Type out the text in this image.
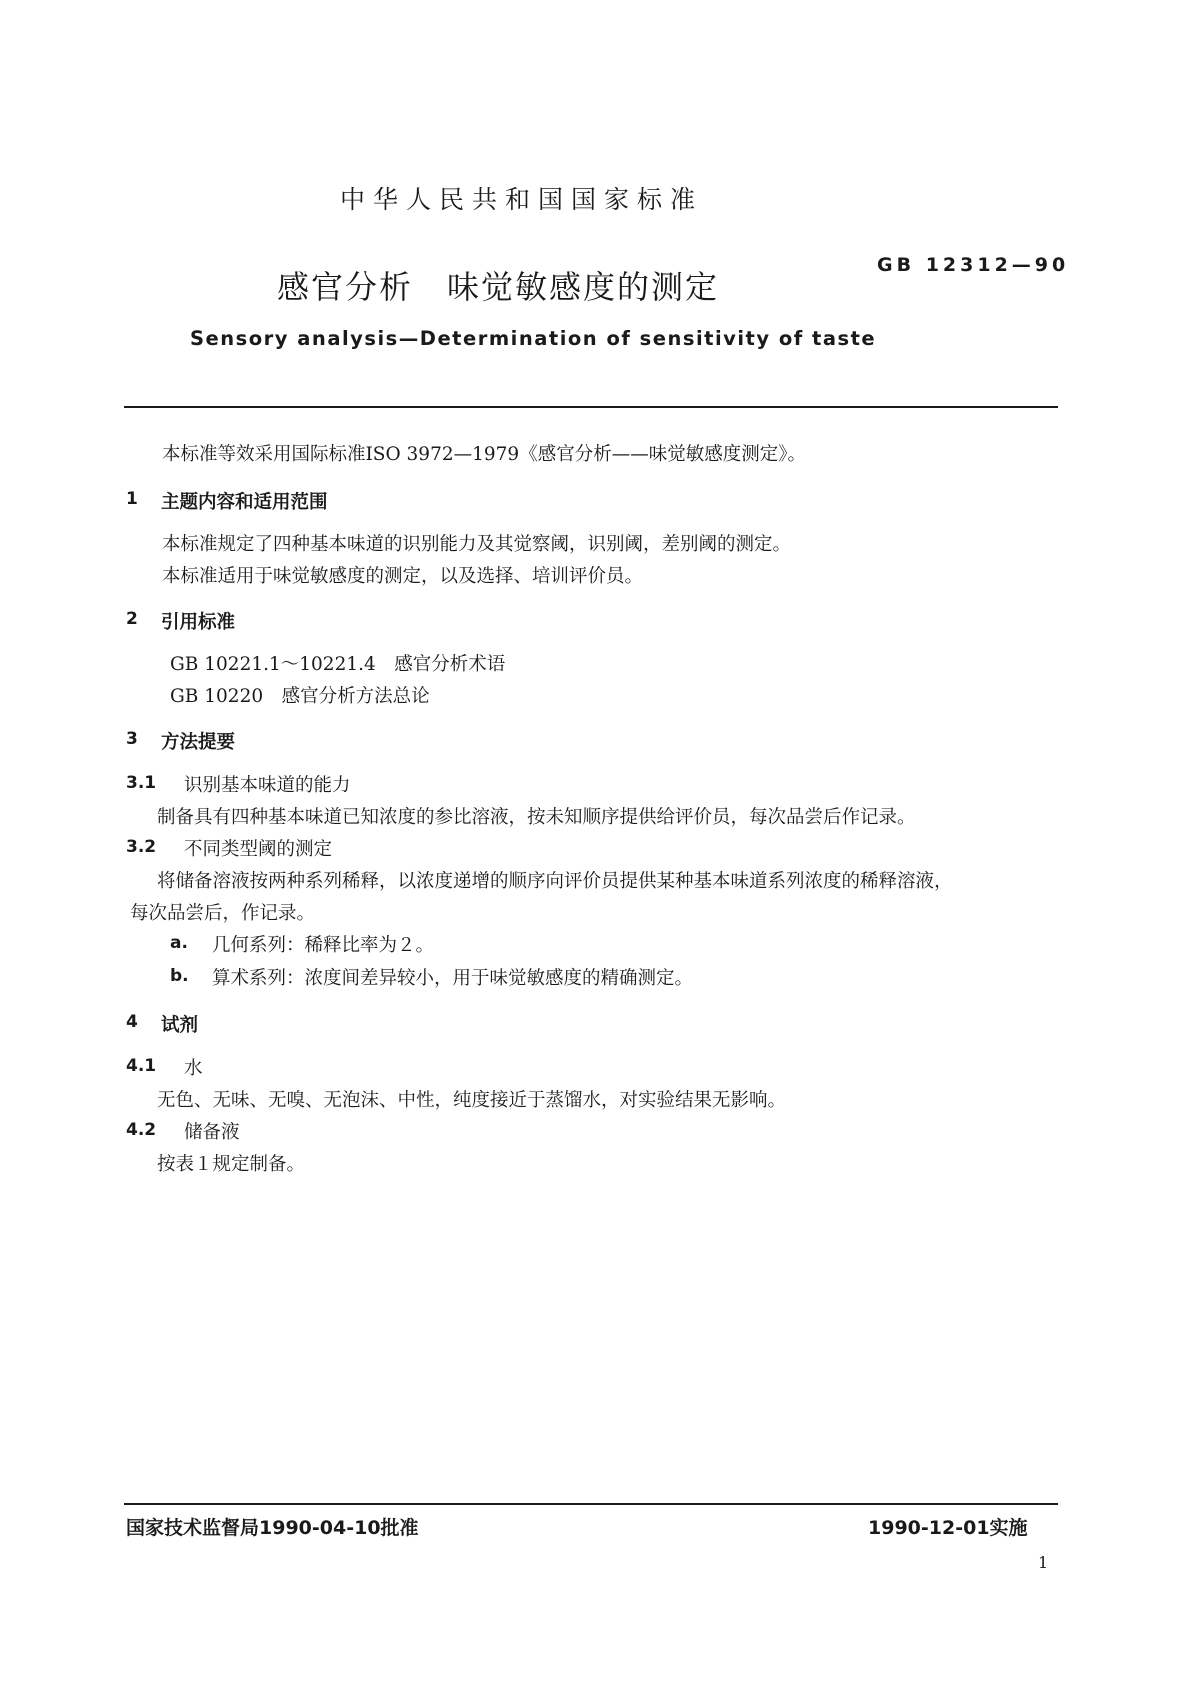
中华人民共和国国家标准
感官分析　味觉敏感度的测定
GB 12312—90
Sensory analysis—Determination of sensitivity of taste
本标准等效采用国际标准ISO 3972—1979《感官分析——味觉敏感度测定》。
1 主题内容和适用范围
本标准规定了四种基本味道的识别能力及其觉察阈，识别阈，差别阈的测定。
本标准适用于味觉敏感度的测定，以及选择、培训评价员。
2 引用标准
GB 10221.1～10221.4　感官分析术语
GB 10220　感官分析方法总论
3 方法提要
3.1 识别基本味道的能力
制备具有四种基本味道已知浓度的参比溶液，按未知顺序提供给评价员，每次品尝后作记录。
3.2 不同类型阈的测定
将储备溶液按两种系列稀释，以浓度递增的顺序向评价员提供某种基本味道系列浓度的稀释溶液，
每次品尝后，作记录。
a. 几何系列：稀释比率为２。
b. 算术系列：浓度间差异较小，用于味觉敏感度的精确测定。
4 试剂
4.1 水
无色、无味、无嗅、无泡沫、中性，纯度接近于蒸馏水，对实验结果无影响。
4.2 储备液
按表１规定制备。
国家技术监督局1990-04-10批准	1990-12-01实施
1
